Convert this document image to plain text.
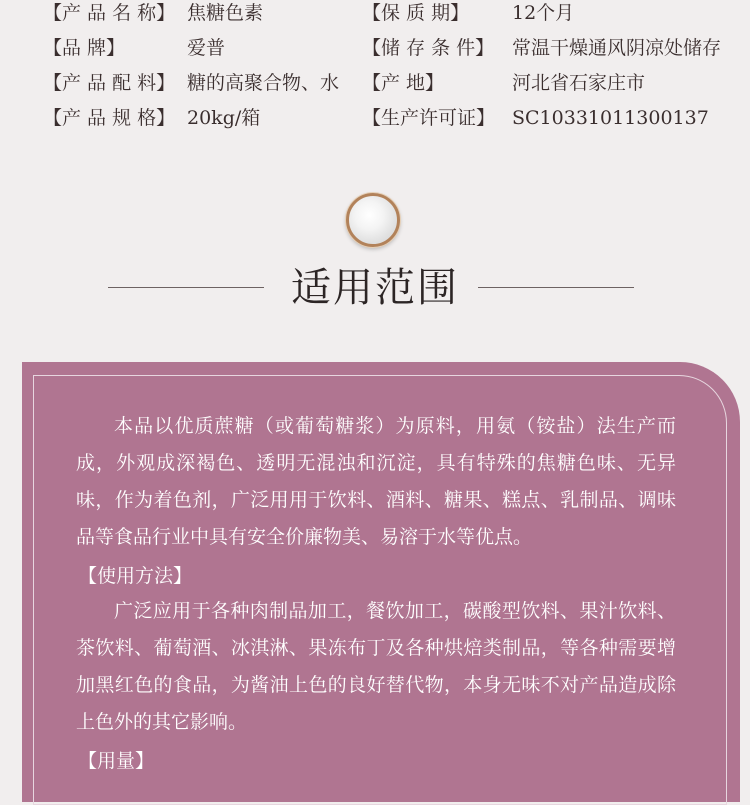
【产 品 名 称】 焦糖色素
【品 牌】	爱普
【产 品 配 料】 糖的高聚合物、水
【产 品 规 格】 20kg/箱
【保 质 期】 12个月
【储 存 条 件】 常温干燥通风阴凉处储存
【产 地】	河北省石家庄市
【生产许可证】 SC10331011300137
适用范围

本品以优质蔗糖（或葡萄糖浆）为原料，用氨（铵盐）法生产而成，外观成深褐色、透明无混浊和沉淀，具有特殊的焦糖色味、无异味，作为着色剂，广泛用用于饮料、酒料、糖果、糕点、乳制品、调味品等食品行业中具有安全价廉物美、易溶于水等优点。

【使用方法】

广泛应用于各种肉制品加工，餐饮加工，碳酸型饮料、果汁饮料、茶饮料、葡萄酒、冰淇淋、果冻布丁及各种烘焙类制品，等各种需要增加黑红色的食品，为酱油上色的良好替代物，本身无味不对产品造成除上色外的其它影响。

【用量】
